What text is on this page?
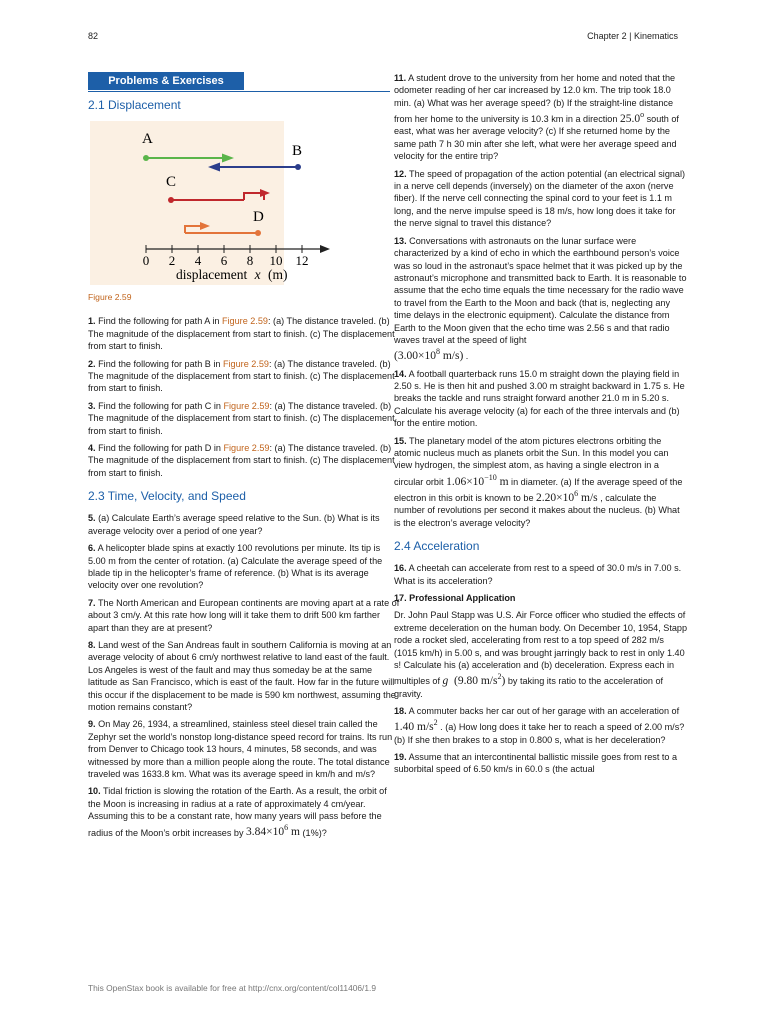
82	Chapter 2 | Kinematics
Problems & Exercises
2.1 Displacement
A
B
C
D
0 2 4 6 8 10 12
displacement x (m)

Figure 2.59

1. Find the following for path A in Figure 2.59: (a) The distance traveled. (b) The magnitude of the displacement from start to finish. (c) The displacement from start to finish.

2. Find the following for path B in Figure 2.59: (a) The distance traveled. (b) The magnitude of the displacement from start to finish. (c) The displacement from start to finish.

3. Find the following for path C in Figure 2.59: (a) The distance traveled. (b) The magnitude of the displacement from start to finish. (c) The displacement from start to finish.

4. Find the following for path D in Figure 2.59: (a) The distance traveled. (b) The magnitude of the displacement from start to finish. (c) The displacement from start to finish.

2.3 Time, Velocity, and Speed

5. (a) Calculate Earth’s average speed relative to the Sun. (b) What is its average velocity over a period of one year?

6. A helicopter blade spins at exactly 100 revolutions per minute. Its tip is 5.00 m from the center of rotation. (a) Calculate the average speed of the blade tip in the helicopter’s frame of reference. (b) What is its average velocity over one revolution?

7. The North American and European continents are moving apart at a rate of about 3 cm/y. At this rate how long will it take them to drift 500 km farther apart than they are at present?

8. Land west of the San Andreas fault in southern California is moving at an average velocity of about 6 cm/y northwest relative to land east of the fault. Los Angeles is west of the fault and may thus someday be at the same latitude as San Francisco, which is east of the fault. How far in the future will this occur if the displacement to be made is 590 km northwest, assuming the motion remains constant?

9. On May 26, 1934, a streamlined, stainless steel diesel train called the Zephyr set the world’s nonstop long-distance speed record for trains. Its run from Denver to Chicago took 13 hours, 4 minutes, 58 seconds, and was witnessed by more than a million people along the route. The total distance traveled was 1633.8 km. What was its average speed in km/h and m/s?

10. Tidal friction is slowing the rotation of the Earth. As a result, the orbit of the Moon is increasing in radius at a rate of approximately 4 cm/year. Assuming this to be a constant rate, how many years will pass before the radius of the Moon’s orbit increases by $3.84\times 10^6$ m (1%)?

11. A student drove to the university from her home and noted that the odometer reading of her car increased by 12.0 km. The trip took 18.0 min. (a) What was her average speed? (b) If the straight-line distance from her home to the university is 10.3 km in a direction 25.0$^o$ south of east, what was her average velocity? (c) If she returned home by the same path 7 h 30 min after she left, what were her average speed and velocity for the entire trip?

12. The speed of propagation of the action potential (an electrical signal) in a nerve cell depends (inversely) on the diameter of the axon (nerve fiber). If the nerve cell connecting the spinal cord to your feet is 1.1 m long, and the nerve impulse speed is 18 m/s, how long does it take for the nerve signal to travel this distance?

13. Conversations with astronauts on the lunar surface were characterized by a kind of echo in which the earthbound person’s voice was so loud in the astronaut’s space helmet that it was picked up by the astronaut’s microphone and transmitted back to Earth. It is reasonable to assume that the echo time equals the time necessary for the radio wave to travel from the Earth to the Moon and back (that is, neglecting any time delays in the electronic equipment). Calculate the distance from Earth to the Moon given that the echo time was 2.56 s and that radio waves travel at the speed of light
($3.00\times 10^8$ m/s) .

14. A football quarterback runs 15.0 m straight down the playing field in 2.50 s. He is then hit and pushed 3.00 m straight backward in 1.75 s. He breaks the tackle and runs straight forward another 21.0 m in 5.20 s. Calculate his average velocity (a) for each of the three intervals and (b) for the entire motion.

15. The planetary model of the atom pictures electrons orbiting the atomic nucleus much as planets orbit the Sun. In this model you can view hydrogen, the simplest atom, as having a single electron in a circular orbit $1.06\times 10^{-10}$ m in diameter. (a) If the average speed of the electron in this orbit is known to be $2.20\times 10^6$ m/s , calculate the number of revolutions per second it makes about the nucleus. (b) What is the electron’s average velocity?

2.4 Acceleration

16. A cheetah can accelerate from rest to a speed of 30.0 m/s in 7.00 s. What is its acceleration?

17. Professional Application

Dr. John Paul Stapp was U.S. Air Force officer who studied the effects of extreme deceleration on the human body. On December 10, 1954, Stapp rode a rocket sled, accelerating from rest to a top speed of 282 m/s (1015 km/h) in 5.00 s, and was brought jarringly back to rest in only 1.40 s! Calculate his (a) acceleration and (b) deceleration. Express each in multiples of g (9.80 $m/s^2$) by taking its ratio to the acceleration of gravity.

18. A commuter backs her car out of her garage with an acceleration of 1.40 $m/s^2$ . (a) How long does it take her to reach a speed of 2.00 m/s? (b) If she then brakes to a stop in 0.800 s, what is her deceleration?

19. Assume that an intercontinental ballistic missile goes from rest to a suborbital speed of 6.50 km/s in 60.0 s (the actual

This OpenStax book is available for free at http://cnx.org/content/col11406/1.9
